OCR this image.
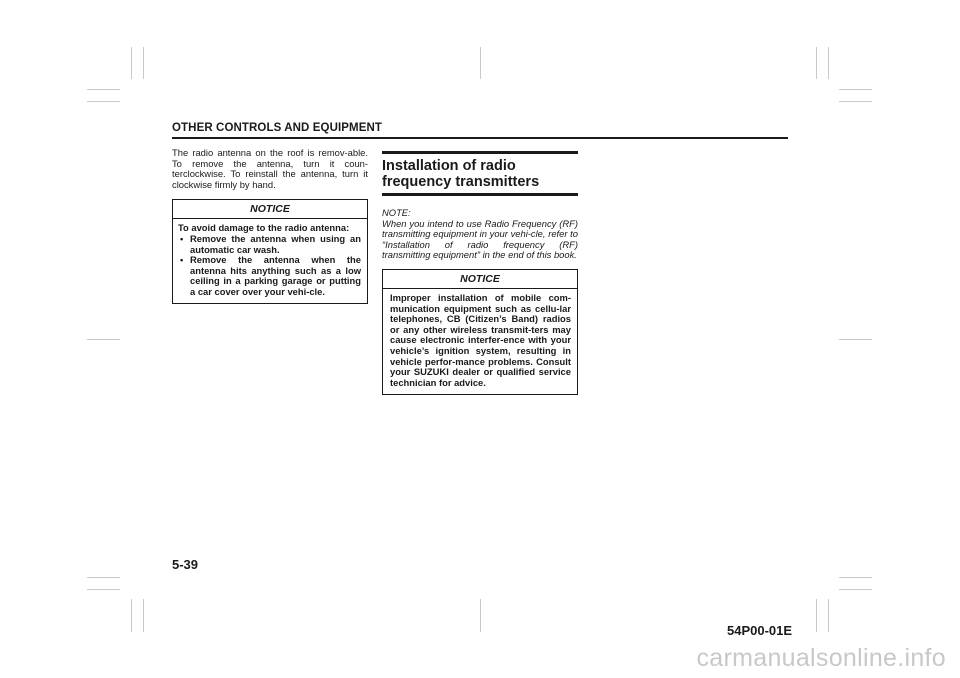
OTHER CONTROLS AND EQUIPMENT

The radio antenna on the roof is remov-able. To remove the antenna, turn it coun-terclockwise. To reinstall the antenna, turn it clockwise firmly by hand.

NOTICE
To avoid damage to the radio antenna:
• Remove the antenna when using an automatic car wash.
• Remove the antenna when the antenna hits anything such as a low ceiling in a parking garage or putting a car cover over your vehi-cle.
Installation of radio frequency transmitters
NOTE:

When you intend to use Radio Frequency (RF) transmitting equipment in your vehi-cle, refer to “Installation of radio frequency (RF) transmitting equipment” in the end of this book.

NOTICE
Improper installation of mobile com-munication equipment such as cellu-lar telephones, CB (Citizen’s Band) radios or any other wireless transmit-ters may cause electronic interfer-ence with your vehicle’s ignition system, resulting in vehicle perfor-mance problems. Consult your SUZUKI dealer or qualified service technician for advice.
5-39
54P00-01E
carmanualsonline.info
